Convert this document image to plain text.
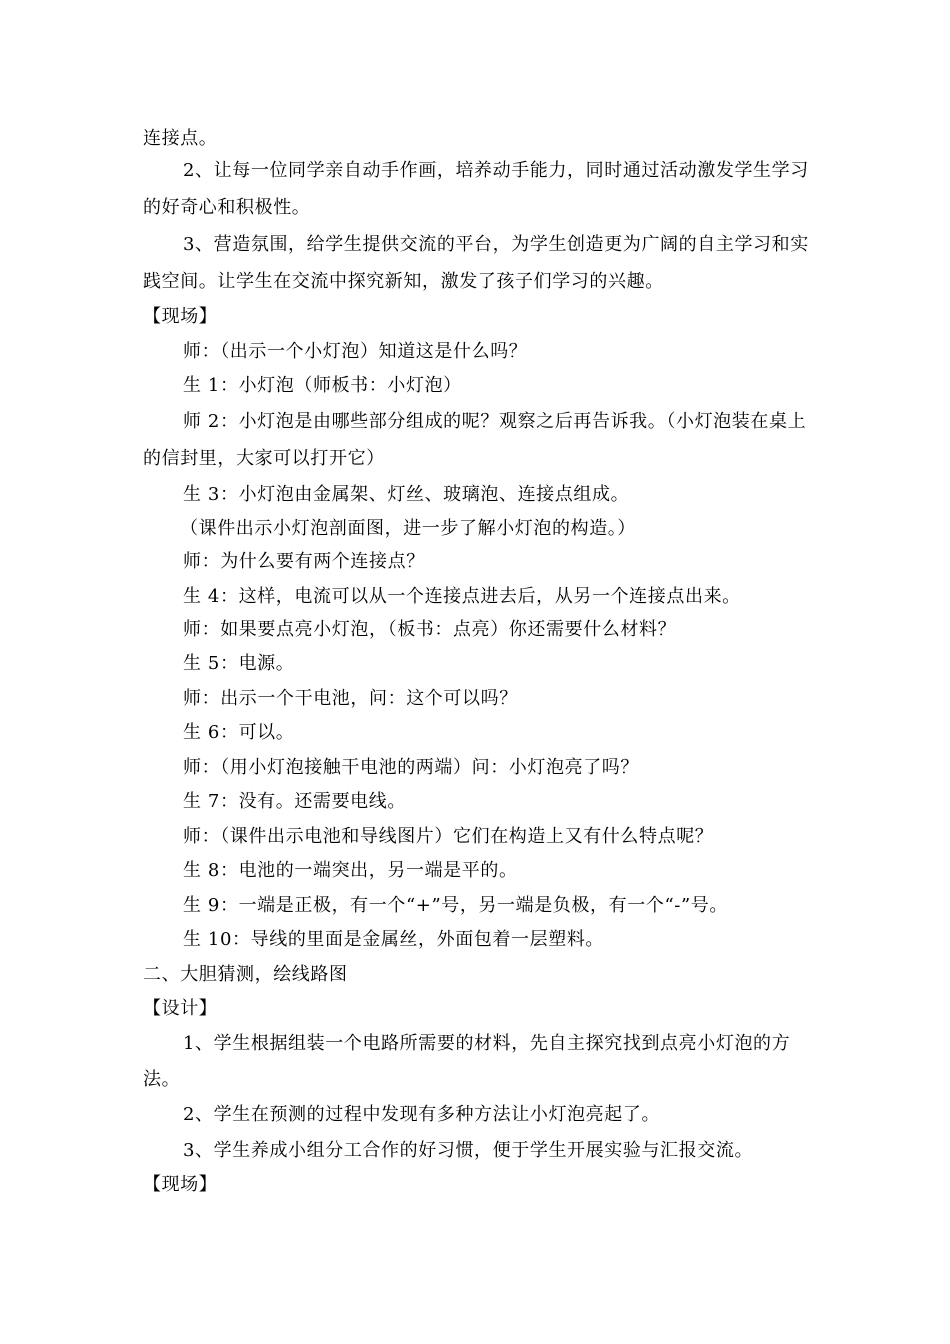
连接点。
2、让每一位同学亲自动手作画，培养动手能力，同时通过活动激发学生学习
的好奇心和积极性。
3、营造氛围，给学生提供交流的平台，为学生创造更为广阔的自主学习和实
践空间。让学生在交流中探究新知，激发了孩子们学习的兴趣。
【现场】
师：（出示一个小灯泡）知道这是什么吗？
生 1：小灯泡（师板书：小灯泡）
师 2：小灯泡是由哪些部分组成的呢？观察之后再告诉我。（小灯泡装在桌上
的信封里，大家可以打开它）
生 3：小灯泡由金属架、灯丝、玻璃泡、连接点组成。
（课件出示小灯泡剖面图，进一步了解小灯泡的构造。）
师：为什么要有两个连接点？
生 4：这样，电流可以从一个连接点进去后，从另一个连接点出来。
师：如果要点亮小灯泡，（板书：点亮）你还需要什么材料？
生 5：电源。
师：出示一个干电池，问：这个可以吗？
生 6：可以。
师：（用小灯泡接触干电池的两端）问：小灯泡亮了吗？
生 7：没有。还需要电线。
师：（课件出示电池和导线图片）它们在构造上又有什么特点呢？
生 8：电池的一端突出，另一端是平的。
生 9：一端是正极，有一个“+”号，另一端是负极，有一个“-”号。
生 10：导线的里面是金属丝，外面包着一层塑料。
二、大胆猜测，绘线路图
【设计】
1、学生根据组装一个电路所需要的材料，先自主探究找到点亮小灯泡的方
法。
2、学生在预测的过程中发现有多种方法让小灯泡亮起了。
3、学生养成小组分工合作的好习惯，便于学生开展实验与汇报交流。
【现场】
